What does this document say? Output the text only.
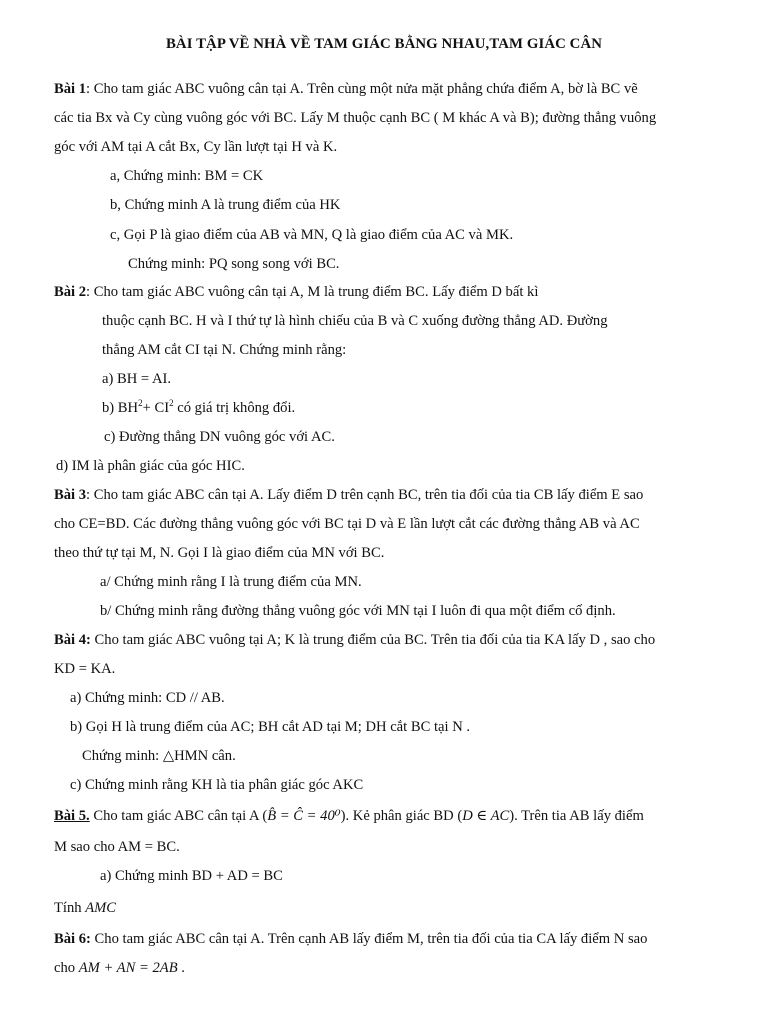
BÀI TẬP VỀ NHÀ VỀ TAM GIÁC BẰNG NHAU,TAM GIÁC CÂN
Bài 1: Cho tam giác ABC vuông cân tại A. Trên cùng một nửa mặt phẳng chứa điểm A, bờ là BC vẽ
các tia Bx và Cy cùng vuông góc với BC. Lấy M thuộc cạnh BC ( M khác A và B); đường thẳng vuông
góc với AM tại A cắt Bx, Cy lần lượt tại H và K.
a, Chứng minh: BM = CK
b, Chứng minh A là trung điểm của HK
c, Gọi P là giao điểm của AB và MN, Q là giao điểm của AC và MK.
Chứng minh: PQ song song với BC.
Bài 2: Cho tam giác ABC vuông cân tại A, M là trung điểm BC. Lấy điểm D bất kì
thuộc cạnh BC. H và I thứ tự là hình chiếu của B và C xuống đường thẳng AD. Đường
thẳng AM cắt CI tại N. Chứng minh rằng:
a) BH = AI.
b) $BH^2+ CI^2$ có giá trị không đổi.
c) Đường thẳng DN vuông góc với AC.
d) IM là phân giác của góc HIC.
Bài 3: Cho tam giác ABC cân tại A. Lấy điểm D trên cạnh BC, trên tia đối của tia CB lấy điểm E sao
cho CE=BD. Các đường thẳng vuông góc với BC tại D và E lần lượt cắt các đường thẳng AB và AC
theo thứ tự tại M, N. Gọi I là giao điểm của MN với BC.
a/ Chứng minh rằng I là trung điểm của MN.
b/ Chứng minh rằng đường thẳng vuông góc với MN tại I luôn đi qua một điểm cố định.
Bài 4: Cho tam giác ABC vuông tại A; K là trung điểm của BC. Trên tia đối của tia KA lấy D , sao cho
KD = KA.
a) Chứng minh: CD // AB.
b) Gọi H là trung điểm của AC; BH cắt AD tại M; DH cắt BC tại N .
Chứng minh: △HMN cân.
c) Chứng minh rằng KH là tia phân giác góc AKC
Bài 5. Cho tam giác ABC cân tại A (B̂ = Ĉ = 40⁰). Kẻ phân giác BD (D ∈ AC). Trên tia AB lấy điểm
M sao cho AM = BC.
a) Chứng minh BD + AD = BC
Tính AMC
Bài 6: Cho tam giác ABC cân tại A. Trên cạnh AB lấy điểm M, trên tia đối của tia CA lấy điểm N sao
cho AM + AN = 2AB .
